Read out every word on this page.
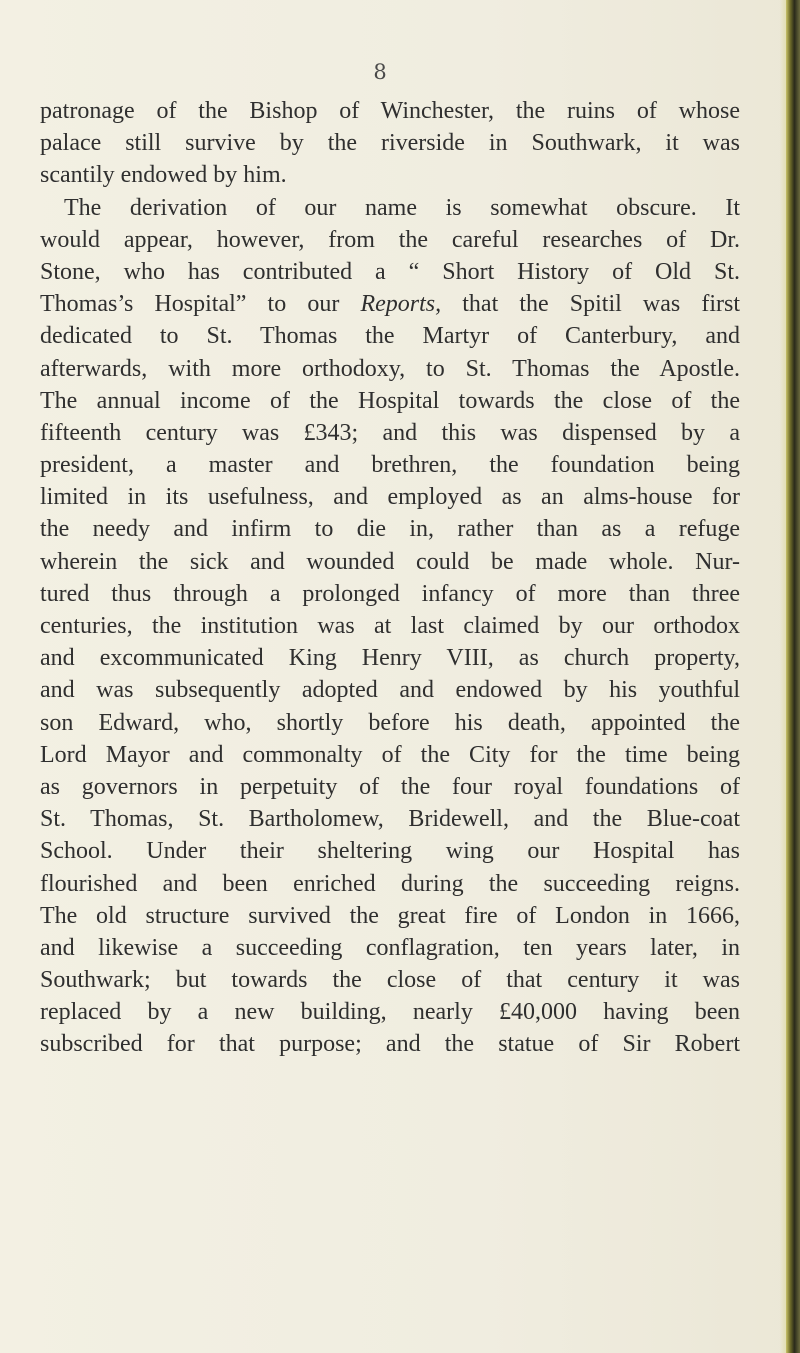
8
patronage of the Bishop of Winchester, the ruins of whose
palace still survive by the riverside in Southwark, it was
scantily endowed by him.
The derivation of our name is somewhat obscure. It
would appear, however, from the careful researches of Dr.
Stone, who has contributed a “ Short History of Old St.
Thomas’s Hospital” to our Reports, that the Spitil was first
dedicated to St. Thomas the Martyr of Canterbury, and
afterwards, with more orthodoxy, to St. Thomas the Apostle.
The annual income of the Hospital towards the close of the
fifteenth century was £343; and this was dispensed by a
president, a master and brethren, the foundation being
limited in its usefulness, and employed as an alms-house for
the needy and infirm to die in, rather than as a refuge
wherein the sick and wounded could be made whole. Nur-
tured thus through a prolonged infancy of more than three
centuries, the institution was at last claimed by our orthodox
and excommunicated King Henry VIII, as church property,
and was subsequently adopted and endowed by his youthful
son Edward, who, shortly before his death, appointed the
Lord Mayor and commonalty of the City for the time being
as governors in perpetuity of the four royal foundations of
St. Thomas, St. Bartholomew, Bridewell, and the Blue-coat
School. Under their sheltering wing our Hospital has
flourished and been enriched during the succeeding reigns.
The old structure survived the great fire of London in 1666,
and likewise a succeeding conflagration, ten years later, in
Southwark; but towards the close of that century it was
replaced by a new building, nearly £40,000 having been
subscribed for that purpose; and the statue of Sir Robert
